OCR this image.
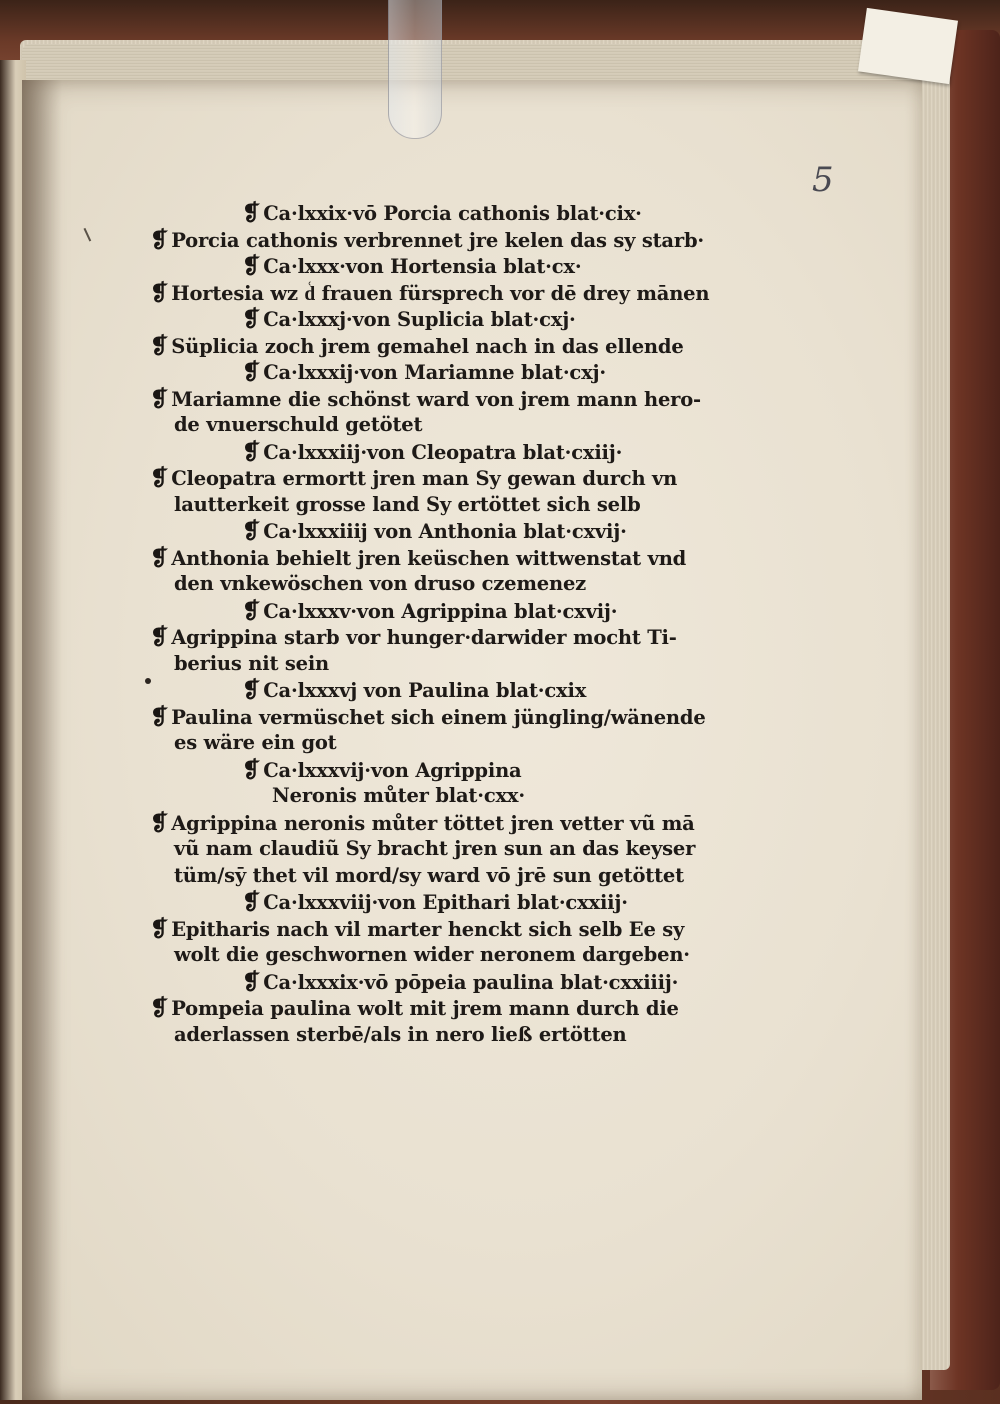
5
❡ Ca·lxxix·vō Porcia cathonis blat·cix·
❡ Porcia cathonis verbrennet jre kelen das sy starb·
❡ Ca·lxxx·von Hortensia blat·cx·
❡ Hortesia wz d͑ frauen fürsprech vor dē drey mānen
❡ Ca·lxxxj·von Suplicia blat·cxj·
❡ Süplicia zoch jrem gemahel nach in das ellende
❡ Ca·lxxxij·von Mariamne blat·cxj·
❡ Mariamne die schönst ward von jrem mann hero‐
de vnuerschuld getötet
❡ Ca·lxxxiij·von Cleopatra blat·cxiij·
❡ Cleopatra ermortt jren man Sy gewan durch vn
lautterkeit grosse land Sy ertöttet sich selb
❡ Ca·lxxxiiij von Anthonia blat·cxvij·
❡ Anthonia behielt jren keüschen wittwenstat vnd
den vnkewöschen von druso czemenez
❡ Ca·lxxxv·von Agrippina blat·cxvij·
❡ Agrippina starb vor hunger·darwider mocht Ti‐
berius nit sein
❡ Ca·lxxxvj von Paulina blat·cxix
❡ Paulina vermüschet sich einem jüngling/wänende
es wäre ein got
❡ Ca·lxxxvij·von Agrippina
Neronis můter blat·cxx·
❡ Agrippina neronis můter töttet jren vetter vũ mā
vũ nam claudiũ Sy bracht jren sun an das keyser
tüm/sȳ thet vil mord/sy ward vō jrē sun getöttet
❡ Ca·lxxxviij·von Epithari blat·cxxiij·
❡ Epitharis nach vil marter henckt sich selb Ee sy
wolt die geschwornen wider neronem dargeben·
❡ Ca·lxxxix·vō pōpeia paulina blat·cxxiiij·
❡ Pompeia paulina wolt mit jrem mann durch die
aderlassen sterbē/als in nero ließ ertötten
